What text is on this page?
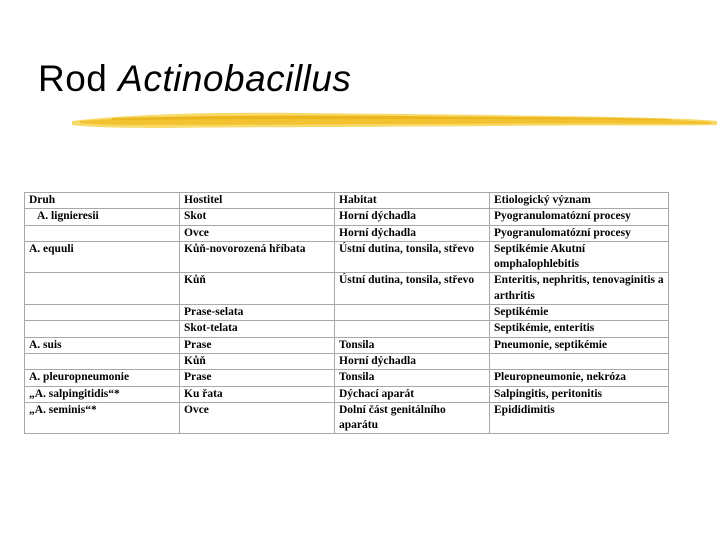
Rod Actinobacillus
Druh	Hostitel	Habitat	Etiologický význam
A. lignieresii	Skot	Horní dýchadla	Pyogranulomatózní procesy
	Ovce	Horní dýchadla	Pyogranulomatózní procesy
A. equuli	Kůň-novorozená hříbata	Ústní dutina, tonsila, střevo	Septikémie Akutní omphalophlebitis
	Kůň	Ústní dutina, tonsila, střevo	Enteritis, nephritis, tenovaginitis a arthritis
	Prase-selata		Septikémie
	Skot-telata		Septikémie, enteritis
A. suis	Prase	Tonsila	Pneumonie, septikémie
	Kůň	Horní dýchadla	
A. pleuropneumonie	Prase	Tonsila	Pleuropneumonie, nekróza
„A. salpingitidis“*	Ku řata	Dýchací aparát	Salpingitis, peritonitis
„A. seminis“*	Ovce	Dolní část genitálního aparátu	Epididimitis
